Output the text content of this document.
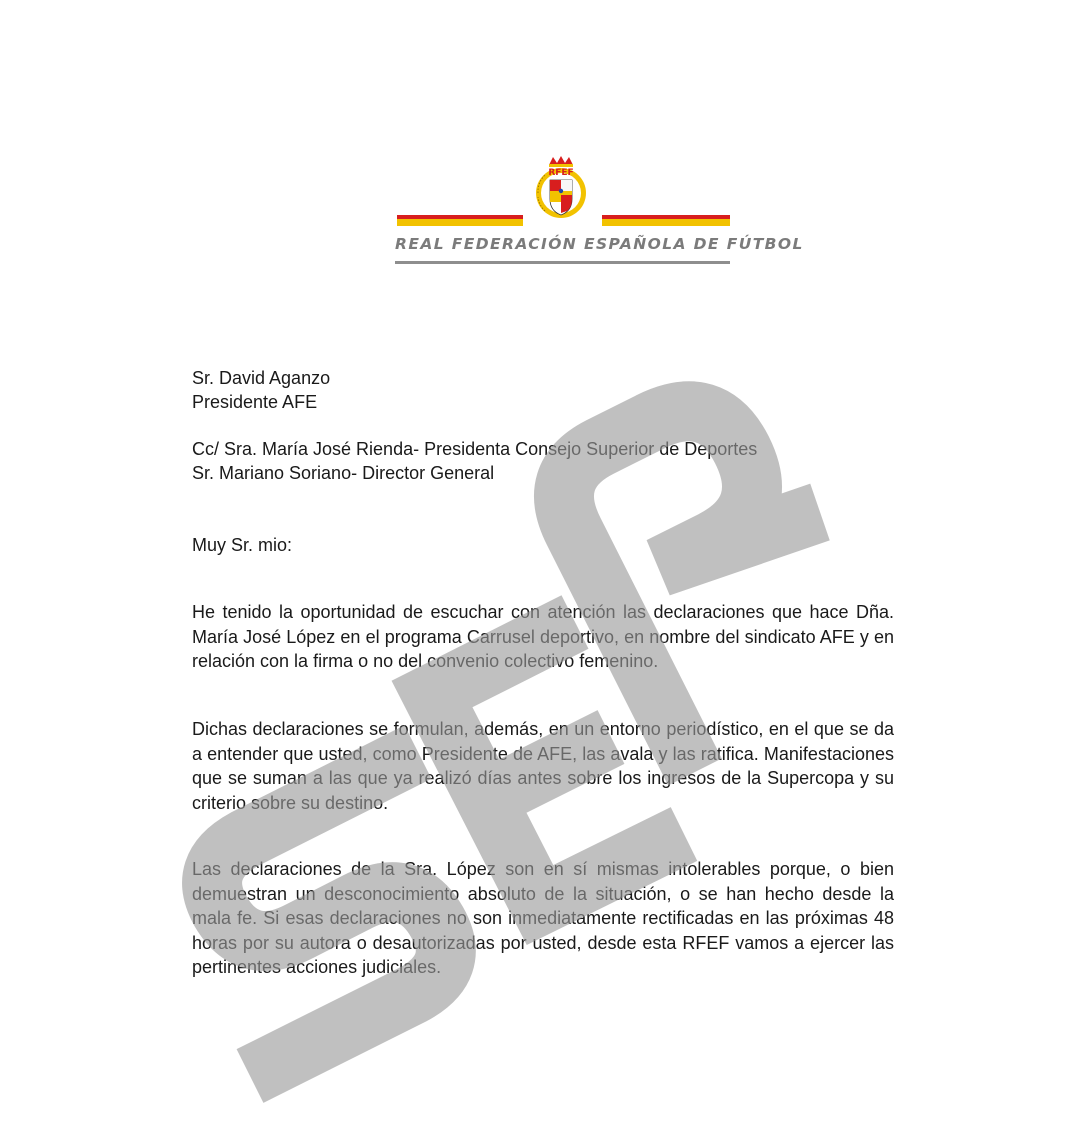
RFEF
REAL FEDERACIÓN ESPAÑOLA DE FÚTBOL
Sr. David Aganzo
Presidente AFE
Cc/ Sra. María José Rienda- Presidenta Consejo Superior de Deportes
Sr. Mariano Soriano- Director General
Muy Sr. mio:

He tenido la oportunidad de escuchar con atención las declaraciones que hace Dña. María José López en el programa Carrusel deportivo, en nombre del sindicato AFE y en relación con la firma o no del convenio colectivo femenino.

Dichas declaraciones se formulan, además, en un entorno periodístico, en el que se da a entender que usted, como Presidente de AFE, las avala y las ratifica. Manifestaciones que se suman a las que ya realizó días antes sobre los ingresos de la Supercopa y su criterio sobre su destino.

Las declaraciones de la Sra. López son en sí mismas intolerables porque, o bien demuestran un desconocimiento absoluto de la situación, o se han hecho desde la mala fe. Si esas declaraciones no son inmediatamente rectificadas en las próximas 48 horas por su autora o desautorizadas por usted, desde esta RFEF vamos a ejercer las pertinentes acciones judiciales.
